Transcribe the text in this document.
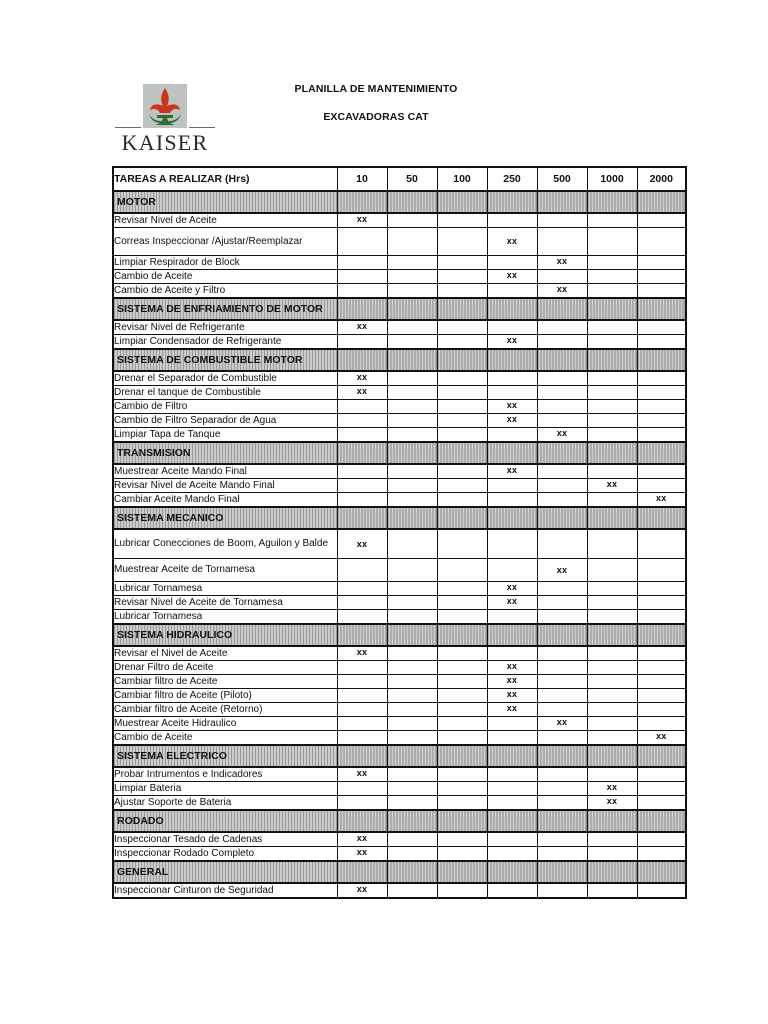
PLANILLA DE MANTENIMIENTO
EXCAVADORAS CAT
KAISER
TAREAS A REALIZAR (Hrs)	10	50	100	250	500	1000	2000
MOTOR							
Revisar Nivel de Aceite	xx						
Correas Inspeccionar /Ajustar/Reemplazar				xx			
Limpiar Respirador de Block					xx		
Cambio de Aceite				xx			
Cambio de Aceite y Filtro					xx		
SISTEMA DE ENFRIAMIENTO DE MOTOR							
Revisar Nivel de Refrigerante	xx						
Limpiar Condensador de Refrigerante				xx			
SISTEMA DE COMBUSTIBLE MOTOR							
Drenar el Separador de Combustible	xx						
Drenar el tanque de Combustible	xx						
Cambio de Filtro				xx			
Cambio de Filtro Separador de Agua				xx			
Limpiar Tapa de Tanque					xx		
TRANSMISION							
Muestrear Aceite Mando Final				xx			
Revisar Nivel de Aceite Mando Final						xx	
Cambiar Aceite Mando Final							xx
SISTEMA MECANICO							
Lubricar Conecciones de Boom, Aguilon y Balde	xx						
Muestrear Aceite de Tornamesa					xx		
Lubricar Tornamesa				xx			
Revisar Nivel de Aceite de Tornamesa				xx			
Lubricar Tornamesa							
SISTEMA HIDRAULICO							
Revisar el Nivel de Aceite	xx						
Drenar Filtro de Aceite				xx			
Cambiar filtro de Aceite				xx			
Cambiar filtro de Aceite (Piloto)				xx			
Cambiar filtro de Aceite (Retorno)				xx			
Muestrear Aceite Hidraulico					xx		
Cambio de Aceite							xx
SISTEMA ELECTRICO							
Probar Intrumentos e Indicadores	xx						
Limpiar Bateria						xx	
Ajustar Soporte de Bateria						xx	
RODADO							
Inspeccionar Tesado de Cadenas	xx						
Inspeccionar Rodado Completo	xx						
GENERAL							
Inspeccionar Cinturon de Seguridad	xx						
